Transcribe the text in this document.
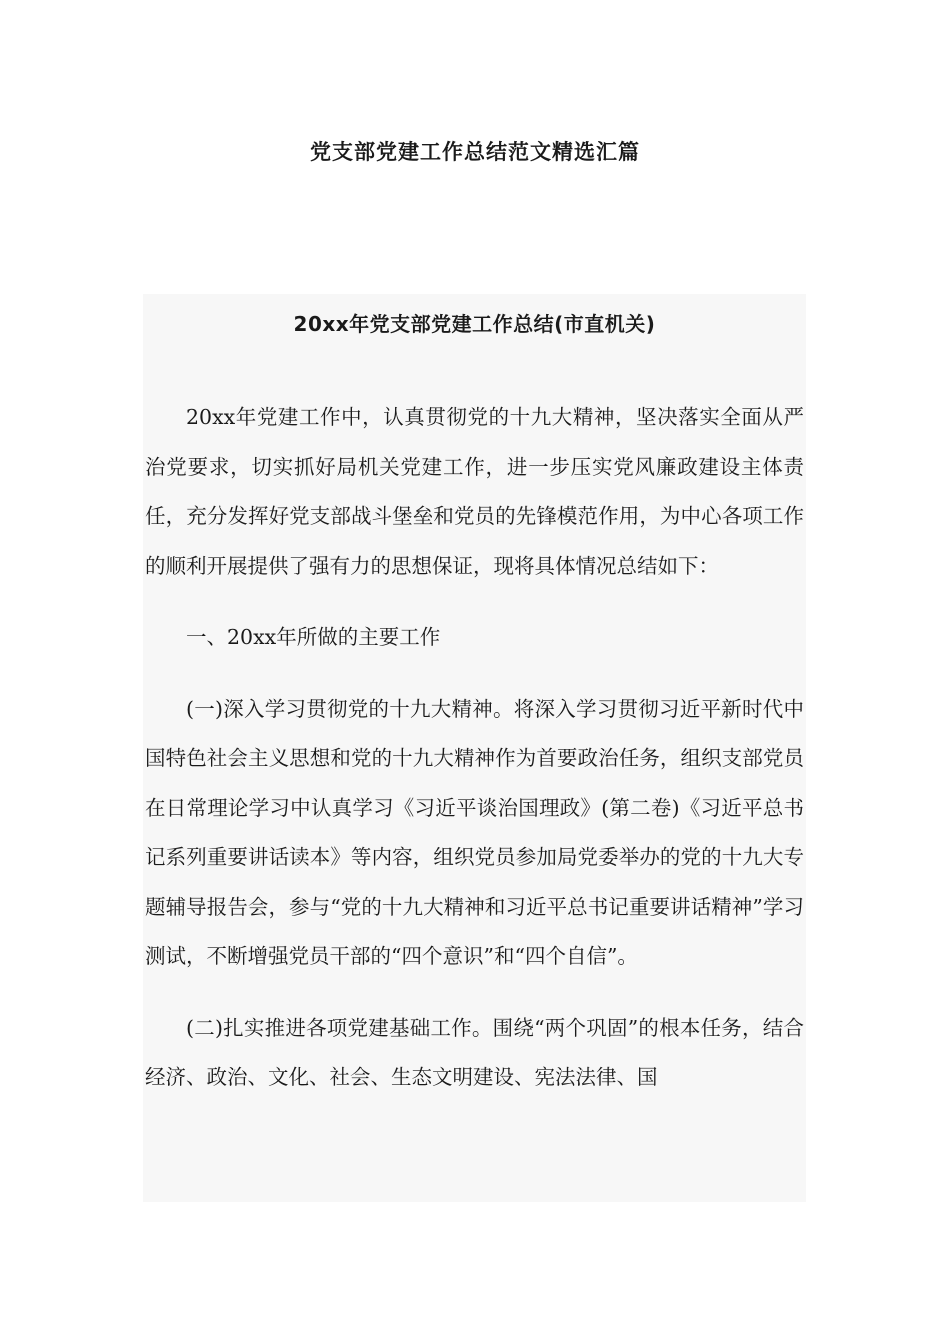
党支部党建工作总结范文精选汇篇
20xx年党支部党建工作总结(市直机关)

20xx年党建工作中，认真贯彻党的十九大精神，坚决落实全面从严治党要求，切实抓好局机关党建工作，进一步压实党风廉政建设主体责任，充分发挥好党支部战斗堡垒和党员的先锋模范作用，为中心各项工作的顺利开展提供了强有力的思想保证，现将具体情况总结如下：

一、20xx年所做的主要工作

(一)深入学习贯彻党的十九大精神。将深入学习贯彻习近平新时代中国特色社会主义思想和党的十九大精神作为首要政治任务，组织支部党员在日常理论学习中认真学习《习近平谈治国理政》(第二卷)《习近平总书记系列重要讲话读本》等内容，组织党员参加局党委举办的党的十九大专题辅导报告会，参与“党的十九大精神和习近平总书记重要讲话精神”学习测试，不断增强党员干部的“四个意识”和“四个自信”。

(二)扎实推进各项党建基础工作。围绕“两个巩固”的根本任务，结合经济、政治、文化、社会、生态文明建设、宪法法律、国
